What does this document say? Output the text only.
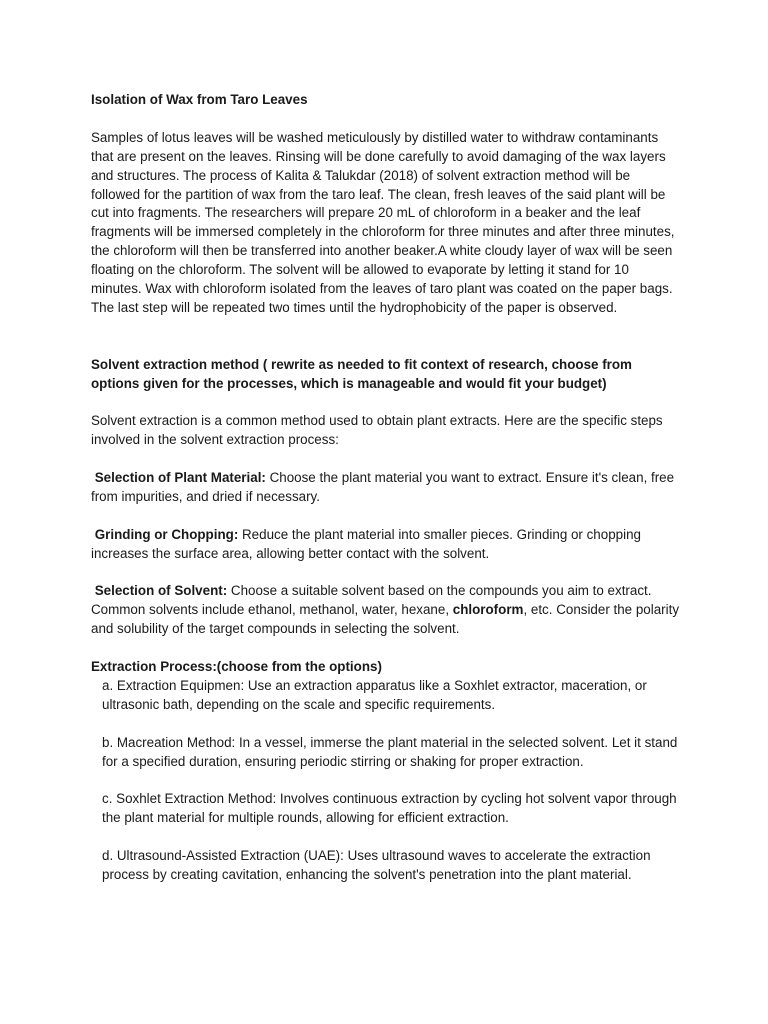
Isolation of Wax from Taro Leaves

Samples of lotus leaves will be washed meticulously by distilled water to withdraw contaminants that are present on the leaves. Rinsing will be done carefully to avoid damaging of the wax layers and structures. The process of Kalita & Talukdar (2018) of solvent extraction method will be followed for the partition of wax from the taro leaf. The clean, fresh leaves of the said plant will be cut into fragments. The researchers will prepare 20 mL of chloroform in a beaker and the leaf fragments will be immersed completely in the chloroform for three minutes and after three minutes, the chloroform will then be transferred into another beaker.A white cloudy layer of wax will be seen floating on the chloroform. The solvent will be allowed to evaporate by letting it stand for 10 minutes. Wax with chloroform isolated from the leaves of taro plant was coated on the paper bags. The last step will be repeated two times until the hydrophobicity of the paper is observed.

Solvent extraction method ( rewrite as needed to fit context of research, choose from options given for the processes, which is manageable and would fit your budget)

Solvent extraction is a common method used to obtain plant extracts. Here are the specific steps involved in the solvent extraction process:

Selection of Plant Material: Choose the plant material you want to extract. Ensure it's clean, free from impurities, and dried if necessary.

Grinding or Chopping: Reduce the plant material into smaller pieces. Grinding or chopping increases the surface area, allowing better contact with the solvent.

Selection of Solvent: Choose a suitable solvent based on the compounds you aim to extract. Common solvents include ethanol, methanol, water, hexane, chloroform, etc. Consider the polarity and solubility of the target compounds in selecting the solvent.

Extraction Process:(choose from the options)

a. Extraction Equipmen: Use an extraction apparatus like a Soxhlet extractor, maceration, or ultrasonic bath, depending on the scale and specific requirements.

b. Macreation Method: In a vessel, immerse the plant material in the selected solvent. Let it stand for a specified duration, ensuring periodic stirring or shaking for proper extraction.

c. Soxhlet Extraction Method: Involves continuous extraction by cycling hot solvent vapor through the plant material for multiple rounds, allowing for efficient extraction.

d. Ultrasound-Assisted Extraction (UAE): Uses ultrasound waves to accelerate the extraction process by creating cavitation, enhancing the solvent's penetration into the plant material.
